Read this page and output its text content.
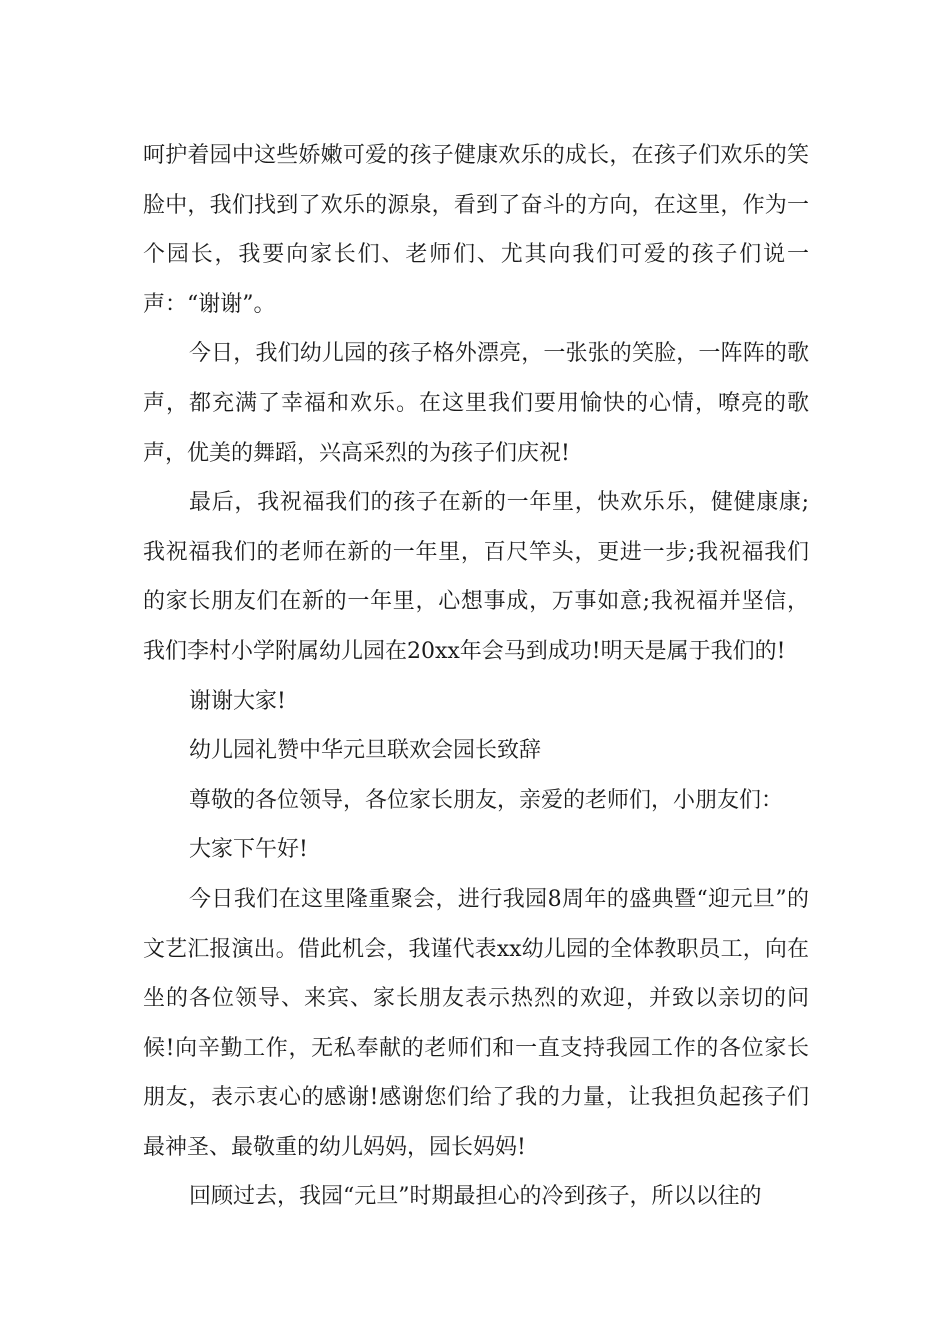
呵护着园中这些娇嫩可爱的孩子健康欢乐的成长，在孩子们欢乐的笑脸中，我们找到了欢乐的源泉，看到了奋斗的方向，在这里，作为一个园长，我要向家长们、老师们、尤其向我们可爱的孩子们说一声：“谢谢”。

今日，我们幼儿园的孩子格外漂亮，一张张的笑脸，一阵阵的歌声，都充满了幸福和欢乐。在这里我们要用愉快的心情，嘹亮的歌声，优美的舞蹈，兴高采烈的为孩子们庆祝!

最后，我祝福我们的孩子在新的一年里，快欢乐乐，健健康康;我祝福我们的老师在新的一年里，百尺竿头，更进一步;我祝福我们的家长朋友们在新的一年里，心想事成，万事如意;我祝福并坚信，我们李村小学附属幼儿园在20xx年会马到成功!明天是属于我们的!

谢谢大家!

幼儿园礼赞中华元旦联欢会园长致辞

尊敬的各位领导，各位家长朋友，亲爱的老师们，小朋友们：

大家下午好!

今日我们在这里隆重聚会，进行我园8周年的盛典暨“迎元旦”的文艺汇报演出。借此机会，我谨代表xx幼儿园的全体教职员工，向在坐的各位领导、来宾、家长朋友表示热烈的欢迎，并致以亲切的问候!向辛勤工作，无私奉献的老师们和一直支持我园工作的各位家长朋友，表示衷心的感谢!感谢您们给了我的力量，让我担负起孩子们最神圣、最敬重的幼儿妈妈，园长妈妈!

回顾过去，我园“元旦”时期最担心的冷到孩子，所以以往的
